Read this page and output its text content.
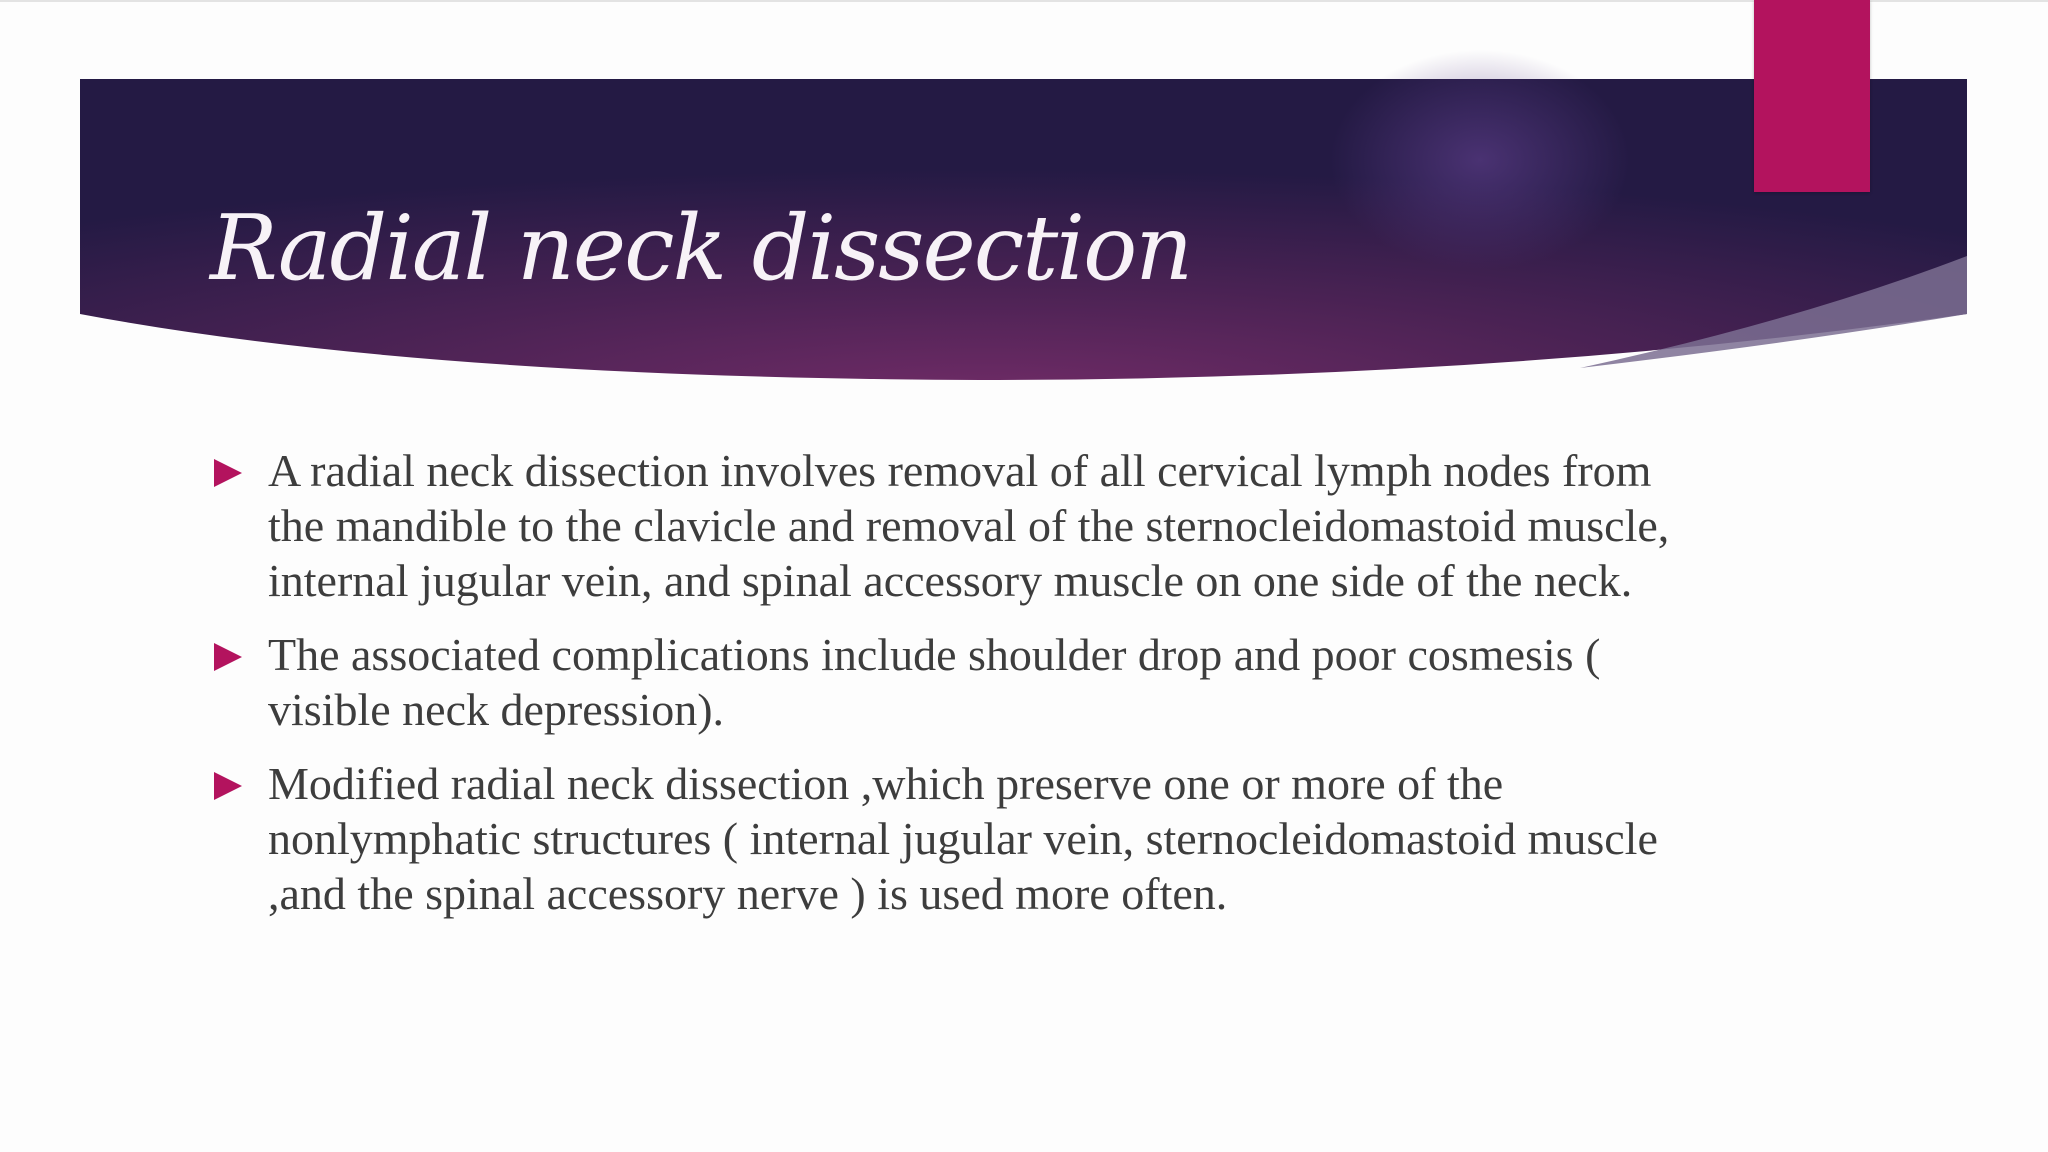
Radial neck dissection
A radial neck dissection involves removal of all cervical lymph nodes from the mandible to the clavicle and removal of the sternocleidomastoid muscle, internal jugular vein, and spinal accessory muscle on one side of the neck.
The associated complications include shoulder drop and poor cosmesis ( visible neck depression).
Modified radial neck dissection ,which preserve one or more of the nonlymphatic structures ( internal jugular vein, sternocleidomastoid muscle ,and the spinal accessory nerve ) is used more often.
